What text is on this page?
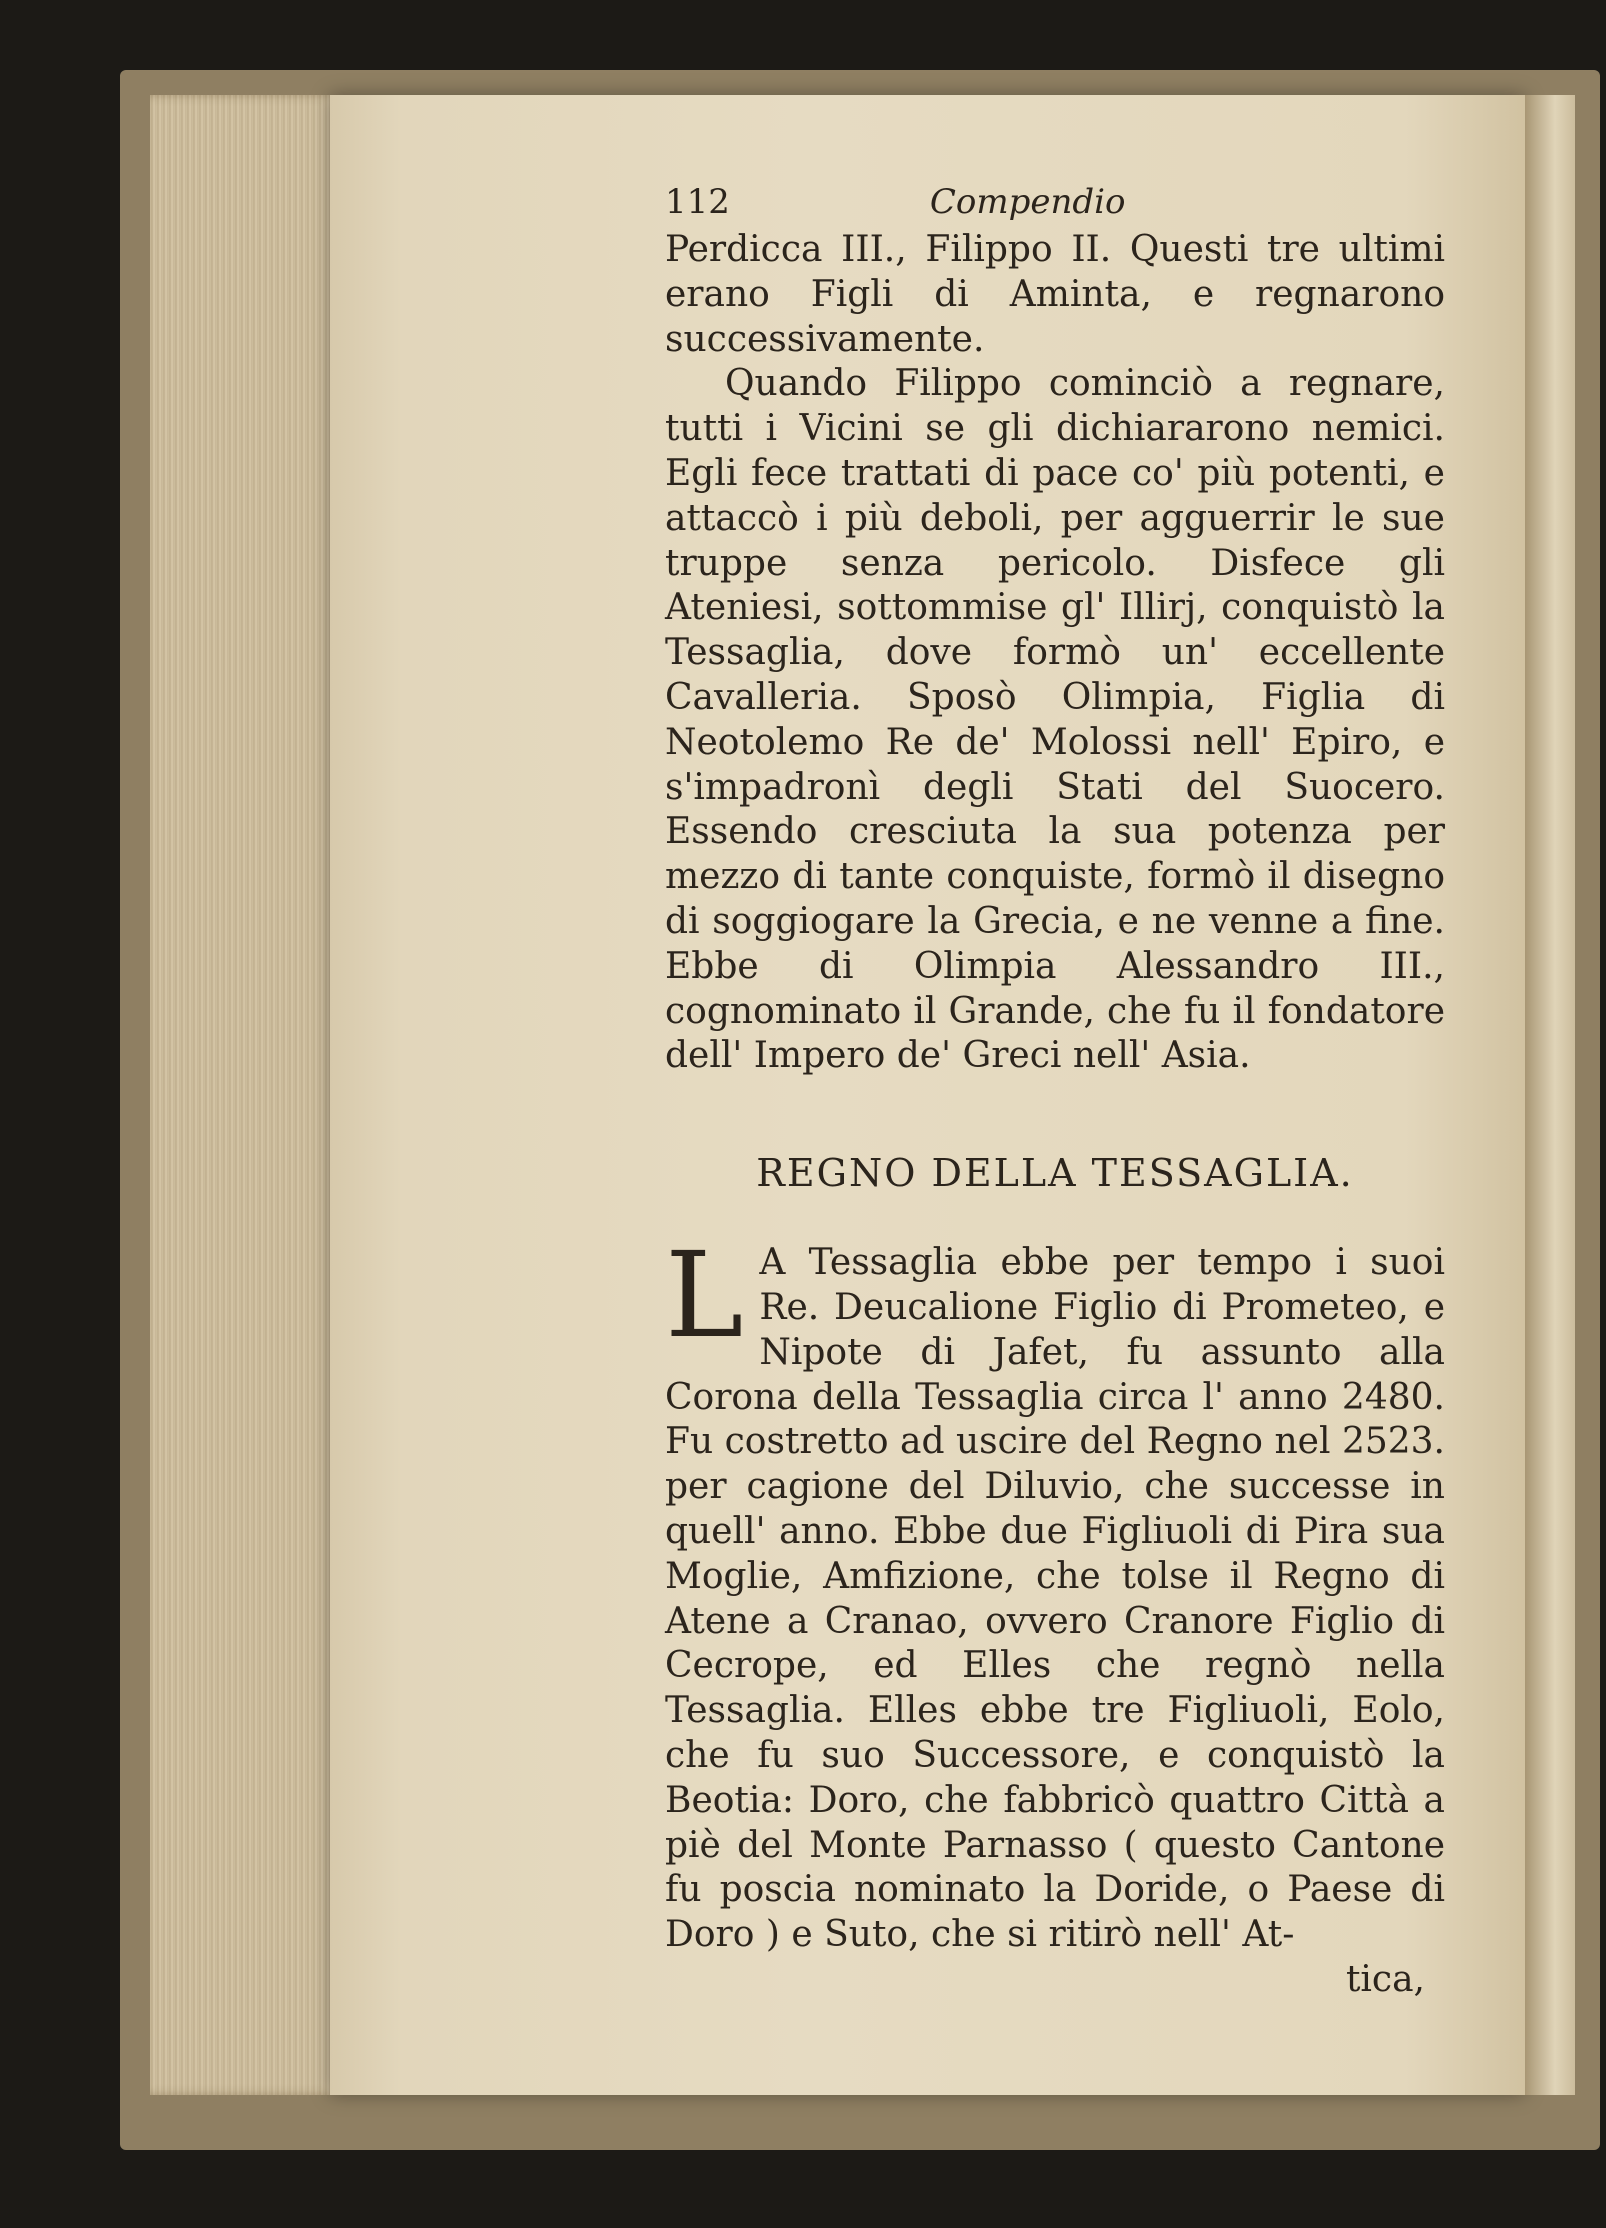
112	Compendio

Perdicca III., Filippo II. Questi tre ultimi erano Figli di Aminta, e regnarono successivamente.

Quando Filippo cominciò a regnare, tutti i Vicini se gli dichiararono nemici. Egli fece trattati di pace co' più potenti, e attaccò i più deboli, per agguerrir le sue truppe senza pericolo. Disfece gli Ateniesi, sottommise gl' Illirj, conquistò la Tessaglia, dove formò un' eccellente Cavalleria. Sposò Olimpia, Figlia di Neotolemo Re de' Molossi nell' Epiro, e s'impadronì degli Stati del Suocero. Essendo cresciuta la sua potenza per mezzo di tante conquiste, formò il disegno di soggiogare la Grecia, e ne venne a fine. Ebbe di Olimpia Alessandro III., cognominato il Grande, che fu il fondatore dell' Impero de' Greci nell' Asia.

REGNO DELLA TESSAGLIA.

L A Tessaglia ebbe per tempo i suoi Re. Deucalione Figlio di Prometeo, e Nipote di Jafet, fu assunto alla Corona della Tessaglia circa l' anno 2480. Fu costretto ad uscire del Regno nel 2523. per cagione del Diluvio, che successe in quell' anno. Ebbe due Figliuoli di Pira sua Moglie, Amfizione, che tolse il Regno di Atene a Cranao, ovvero Cranore Figlio di Cecrope, ed Elles che regnò nella Tessaglia. Elles ebbe tre Figliuoli, Eolo, che fu suo Successore, e conquistò la Beotia: Doro, che fabbricò quattro Città a piè del Monte Parnasso ( questo Cantone fu poscia nominato la Doride, o Paese di Doro ) e Suto, che si ritirò nell' At-

tica,
